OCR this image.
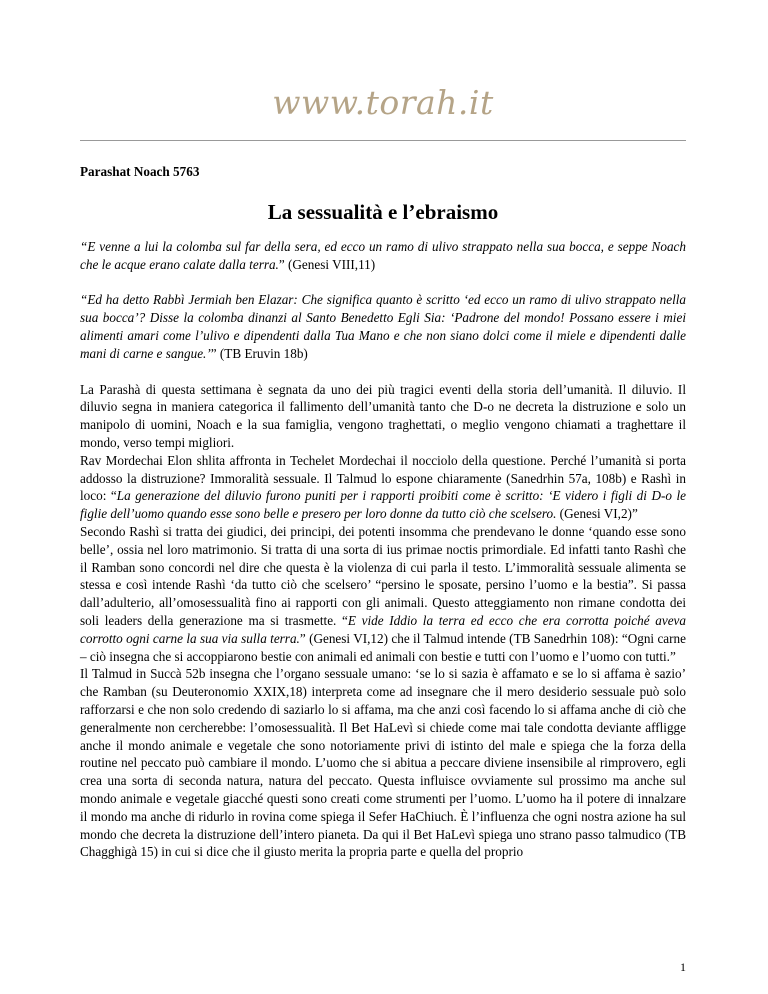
www.torah.it

Parashat Noach 5763

La sessualità e l’ebraismo

“E venne a lui la colomba sul far della sera, ed ecco un ramo di ulivo strappato nella sua bocca, e seppe Noach che le acque erano calate dalla terra.” (Genesi VIII,11)

“Ed ha detto Rabbì Jermiah ben Elazar: Che significa quanto è scritto ‘ed ecco un ramo di ulivo strappato nella sua bocca’? Disse la colomba dinanzi al Santo Benedetto Egli Sia: ‘Padrone del mondo! Possano essere i miei alimenti amari come l’ulivo e dipendenti dalla Tua Mano e che non siano dolci come il miele e dipendenti dalle mani di carne e sangue.’” (TB Eruvin 18b)

La Parashà di questa settimana è segnata da uno dei più tragici eventi della storia dell’umanità. Il diluvio. Il diluvio segna in maniera categorica il fallimento dell’umanità tanto che D-o ne decreta la distruzione e solo un manipolo di uomini, Noach e la sua famiglia, vengono traghettati, o meglio vengono chiamati a traghettare il mondo, verso tempi migliori.

Rav Mordechai Elon shlita affronta in Techelet Mordechai il nocciolo della questione. Perché l’umanità si porta addosso la distruzione? Immoralità sessuale. Il Talmud lo espone chiaramente (Sanedrhin 57a, 108b) e Rashì in loco: “La generazione del diluvio furono puniti per i rapporti proibiti come è scritto: ‘E videro i figli di D-o le figlie dell’uomo quando esse sono belle e presero per loro donne da tutto ciò che scelsero. (Genesi VI,2)”

Secondo Rashì si tratta dei giudici, dei principi, dei potenti insomma che prendevano le donne ‘quando esse sono belle’, ossia nel loro matrimonio. Si tratta di una sorta di ius primae noctis primordiale. Ed infatti tanto Rashì che il Ramban sono concordi nel dire che questa è la violenza di cui parla il testo. L’immoralità sessuale alimenta se stessa e così intende Rashì ‘da tutto ciò che scelsero’ “persino le sposate, persino l’uomo e la bestia”. Si passa dall’adulterio, all’omosessualità fino ai rapporti con gli animali. Questo atteggiamento non rimane condotta dei soli leaders della generazione ma si trasmette. “E vide Iddio la terra ed ecco che era corrotta poiché aveva corrotto ogni carne la sua via sulla terra.” (Genesi VI,12) che il Talmud intende (TB Sanedrhin 108): “Ogni carne – ciò insegna che si accoppiarono bestie con animali ed animali con bestie e tutti con l’uomo e l’uomo con tutti.”

Il Talmud in Succà 52b insegna che l’organo sessuale umano: ‘se lo si sazia è affamato e se lo si affama è sazio’ che Ramban (su Deuteronomio XXIX,18) interpreta come ad insegnare che il mero desiderio sessuale può solo rafforzarsi e che non solo credendo di saziarlo lo si affama, ma che anzi così facendo lo si affama anche di ciò che generalmente non cercherebbe: l’omosessualità. Il Bet HaLevì si chiede come mai tale condotta deviante affligge anche il mondo animale e vegetale che sono notoriamente privi di istinto del male e spiega che la forza della routine nel peccato può cambiare il mondo. L’uomo che si abitua a peccare diviene insensibile al rimprovero, egli crea una sorta di seconda natura, natura del peccato. Questa influisce ovviamente sul prossimo ma anche sul mondo animale e vegetale giacché questi sono creati come strumenti per l’uomo. L’uomo ha il potere di innalzare il mondo ma anche di ridurlo in rovina come spiega il Sefer HaChiuch. È l’influenza che ogni nostra azione ha sul mondo che decreta la distruzione dell’intero pianeta. Da qui il Bet HaLevì spiega uno strano passo talmudico (TB Chagghigà 15) in cui si dice che il giusto merita la propria parte e quella del proprio

1
